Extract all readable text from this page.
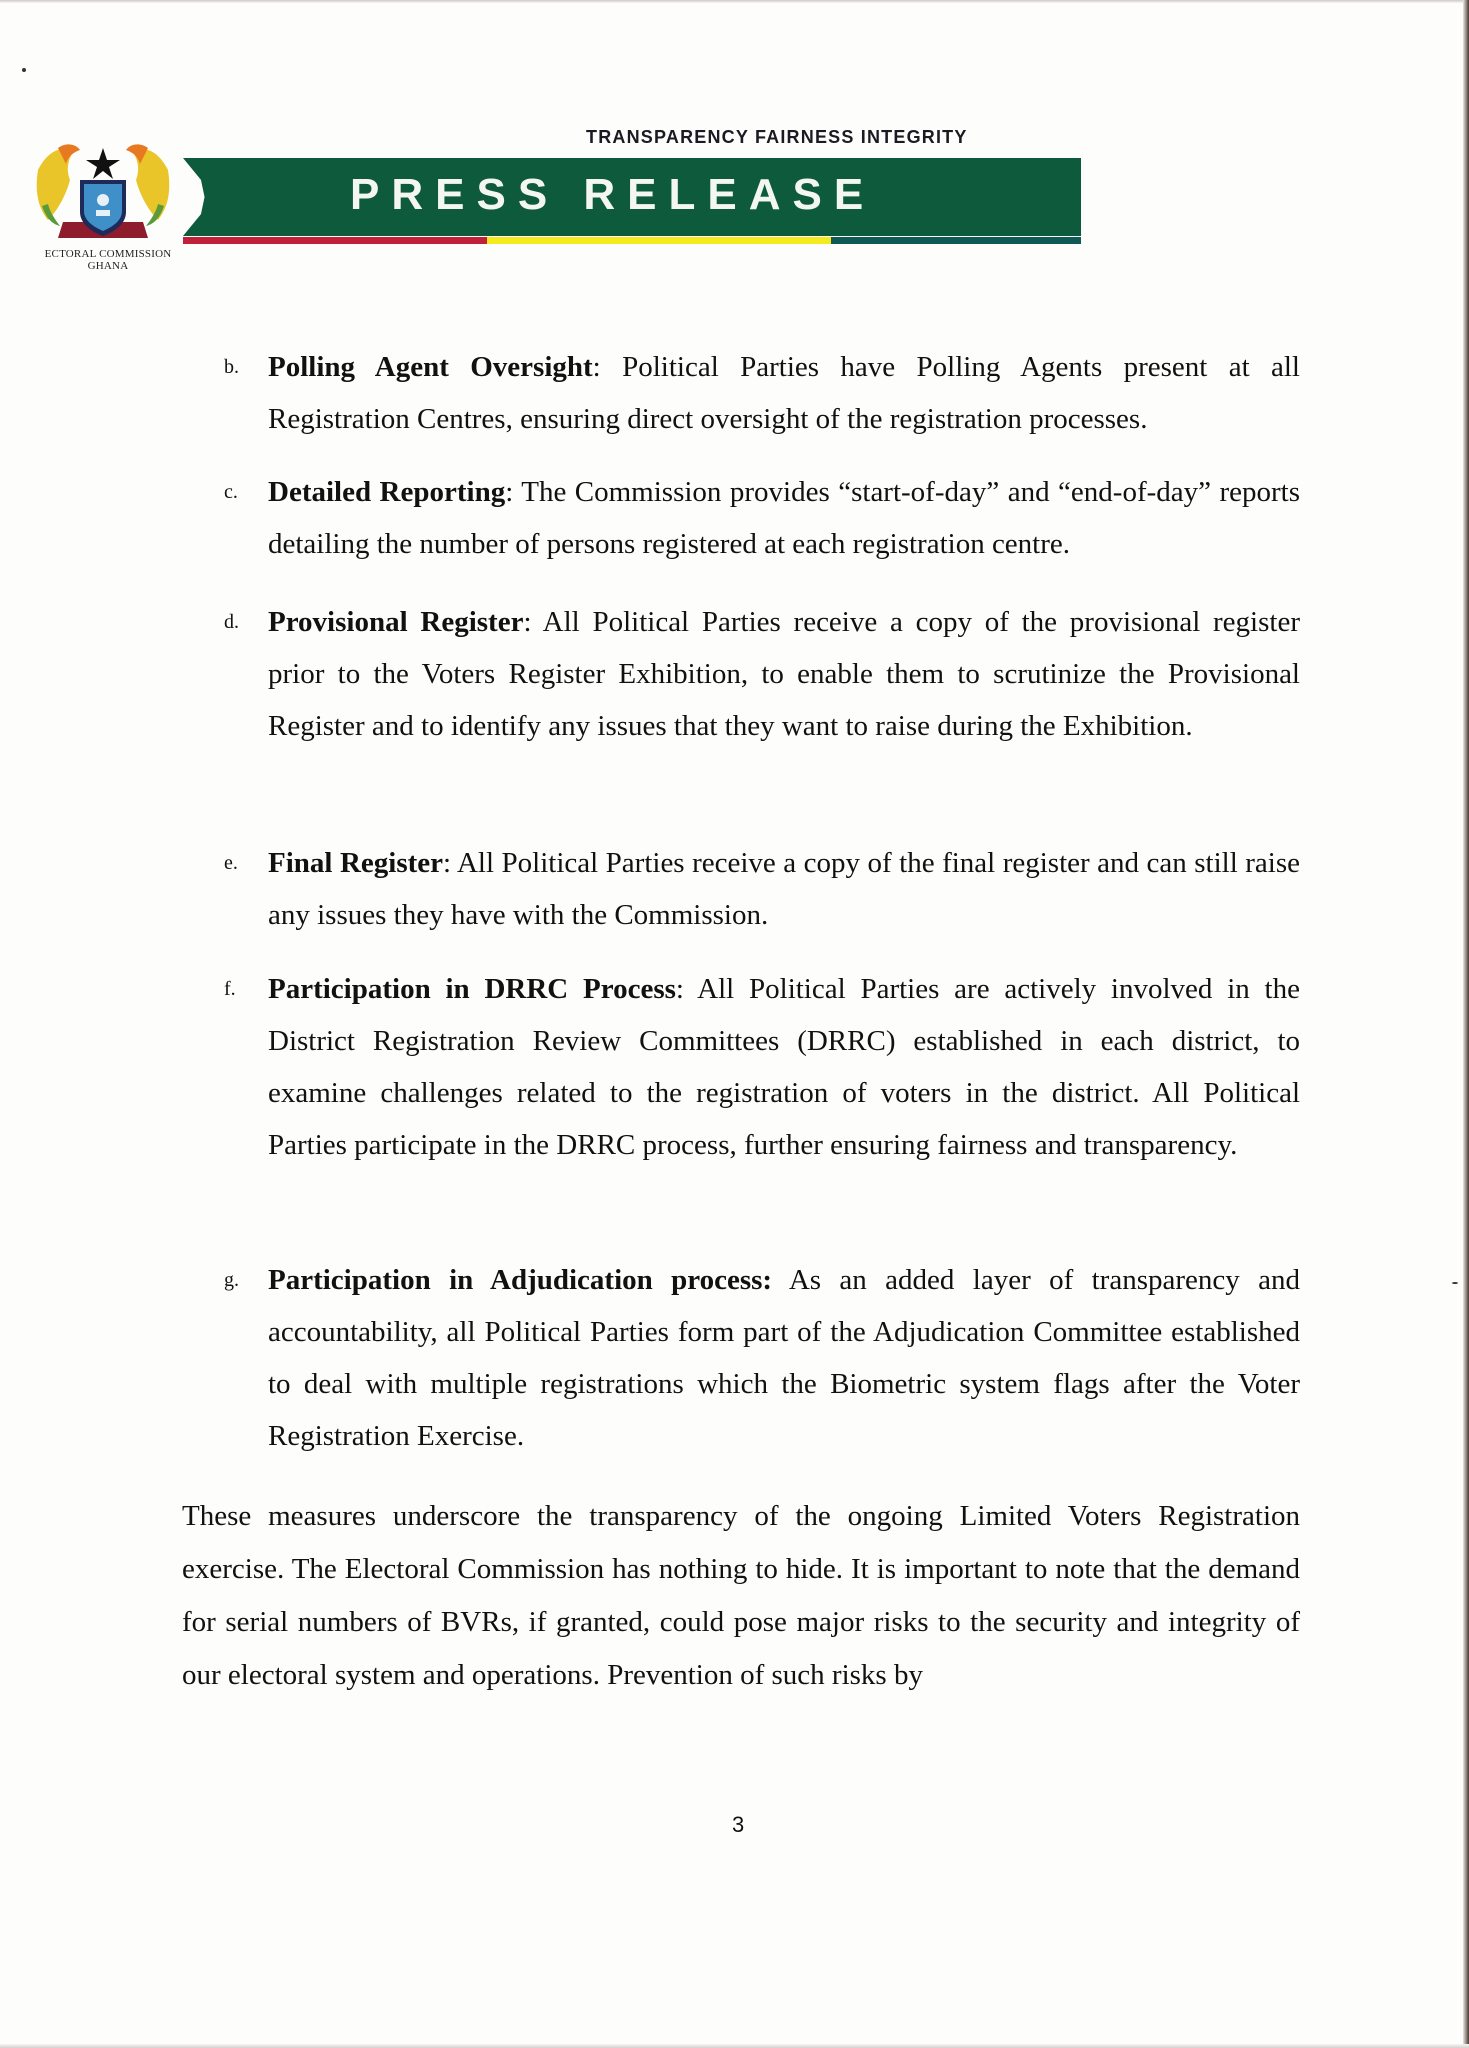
ECTORAL COMMISSION
GHANA
TRANSPARENCY FAIRNESS INTEGRITY
PRESS RELEASE
b. Polling Agent Oversight: Political Parties have Polling Agents present at all Registration Centres, ensuring direct oversight of the registration processes.

c. Detailed Reporting: The Commission provides “start-of-day” and “end-of-day” reports detailing the number of persons registered at each registration centre.

d. Provisional Register: All Political Parties receive a copy of the provisional register prior to the Voters Register Exhibition, to enable them to scrutinize the Provisional Register and to identify any issues that they want to raise during the Exhibition.

e. Final Register: All Political Parties receive a copy of the final register and can still raise any issues they have with the Commission.

f. Participation in DRRC Process: All Political Parties are actively involved in the District Registration Review Committees (DRRC) established in each district, to examine challenges related to the registration of voters in the district. All Political Parties participate in the DRRC process, further ensuring fairness and transparency.

g. Participation in Adjudication process: As an added layer of transparency and accountability, all Political Parties form part of the Adjudication Committee established to deal with multiple registrations which the Biometric system flags after the Voter Registration Exercise.

These measures underscore the transparency of the ongoing Limited Voters Registration exercise. The Electoral Commission has nothing to hide. It is important to note that the demand for serial numbers of BVRs, if granted, could pose major risks to the security and integrity of our electoral system and operations. Prevention of such risks by

3
